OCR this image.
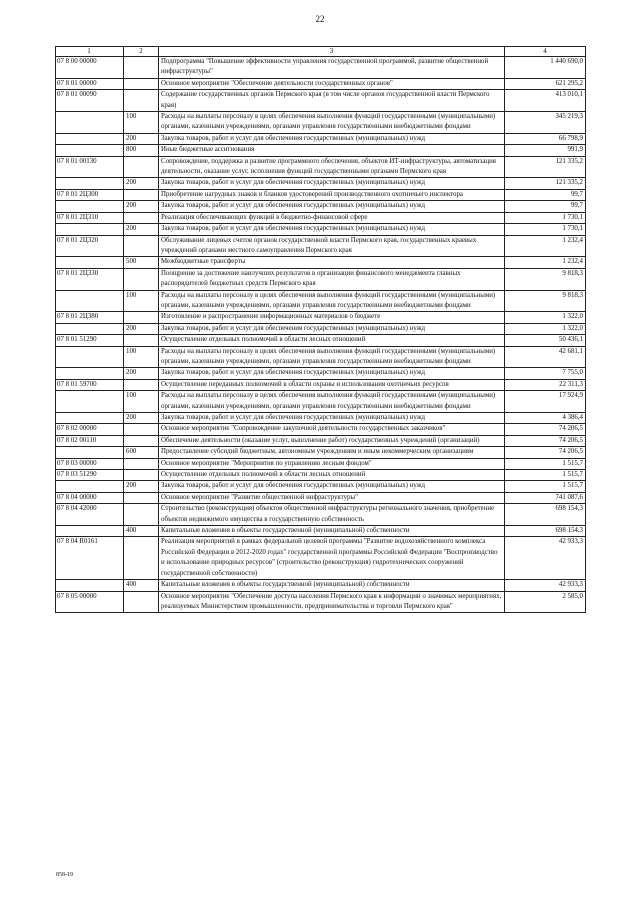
22
1	2	3	4
07 8 00 00000		Подпрограмма "Повышение эффективности управления государственной программой, развитие общественной инфраструктуры"	1 440 690,0
07 8 01 00000		Основное мероприятие "Обеспечение деятельности государственных органов"	621 295,2
07 8 01 00090		Содержание государственных органов Пермского края (в том числе органов государственной власти Пермского края)	413 010,1
	100	Расходы на выплаты персоналу в целях обеспечения выполнения функций государственными (муниципальными) органами, казенными учреждениями, органами управления государственными внебюджетными фондами	345 219,3
	200	Закупка товаров, работ и услуг для обеспечения государственных (муниципальных) нужд	66 798,9
	800	Иные бюджетные ассигнования	991,9
07 8 01 00130		Сопровождение, поддержка и развитие программного обеспечения, объектов ИТ-инфраструктуры, автоматизация деятельности, оказание услуг, исполнения функций государственными органами Пермского края	121 335,2
	200	Закупка товаров, работ и услуг для обеспечения государственных (муниципальных) нужд	121 335,2
07 8 01 2Ц300		Приобретение нагрудных знаков и бланков удостоверений производственного охотничьего инспектора	99,7
	200	Закупка товаров, работ и услуг для обеспечения государственных (муниципальных) нужд	99,7
07 8 01 2Ц310		Реализация обеспечивающих функций в бюджетно-финансовой сфере	1 730,1
	200	Закупка товаров, работ и услуг для обеспечения государственных (муниципальных) нужд	1 730,1
07 8 01 2Ц320		Обслуживание лицевых счетов органов государственной власти Пермского края, государственных краевых учреждений органами местного самоуправления Пермского края	1 232,4
	500	Межбюджетные трансферты	1 232,4
07 8 01 2Ц330		Поощрение за достижение наилучших результатов в организации финансового менеджмента главных распорядителей бюджетных средств Пермского края	9 818,3
	100	Расходы на выплаты персоналу в целях обеспечения выполнения функций государственными (муниципальными) органами, казенными учреждениями, органами управления государственными внебюджетными фондами	9 818,3
07 8 01 2Ц380		Изготовление и распространение информационных материалов о бюджете	1 322,0
	200	Закупка товаров, работ и услуг для обеспечения государственных (муниципальных) нужд	1 322,0
07 8 01 51290		Осуществление отдельных полномочий в области лесных отношений	50 436,1
	100	Расходы на выплаты персоналу в целях обеспечения выполнения функций государственными (муниципальными) органами, казенными учреждениями, органами управления государственными внебюджетными фондами	42 681,1
	200	Закупка товаров, работ и услуг для обеспечения государственных (муниципальных) нужд	7 755,0
07 8 01 59700		Осуществление переданных полномочий в области охраны и использования охотничьих ресурсов	22 311,3
	100	Расходы на выплаты персоналу в целях обеспечения выполнения функций государственными (муниципальными) органами, казенными учреждениями, органами управления государственными внебюджетными фондами	17 924,9
	200	Закупка товаров, работ и услуг для обеспечения государственных (муниципальных) нужд	4 386,4
07 8 02 00000		Основное мероприятие "Сопровождение закупочной деятельности государственных заказчиков"	74 206,5
07 8 02 00110		Обеспечение деятельности (оказание услуг, выполнение работ) государственных учреждений (организаций)	74 206,5
	600	Предоставление субсидий бюджетным, автономным учреждениям и иным некоммерческим организациям	74 206,5
07 8 03 00000		Основное мероприятие "Мероприятия по управлению лесным фондом"	1 515,7
07 8 03 51290		Осуществление отдельных полномочий в области лесных отношений	1 515,7
	200	Закупка товаров, работ и услуг для обеспечения государственных (муниципальных) нужд	1 515,7
07 8 04 00000		Основное мероприятие "Развитие общественной инфраструктуры"	741 087,6
07 8 04 42000		Строительство (реконструкция) объектов общественной инфраструктуры регионального значения, приобретение объектов недвижимого имущества в государственную собственность	698 154,3
	400	Капитальные вложения в объекты государственной (муниципальной) собственности	698 154,3
07 8 04 R0161		Реализация мероприятий в рамках федеральной целевой программы "Развитие водохозяйственного комплекса Российской Федерации в 2012-2020 годах" государственной программы Российской Федерации "Воспроизводство и использование природных ресурсов" (строительство (реконструкция) гидротехнических сооружений государственной собственности)	42 933,3
	400	Капитальные вложения в объекты государственной (муниципальной) собственности	42 933,3
07 8 05 00000		Основное мероприятие "Обеспечение доступа населения Пермского края к информации о значимых мероприятиях, реализуемых Министерством промышленности, предпринимательства и торговли Пермского края"	2 585,0
858-19
